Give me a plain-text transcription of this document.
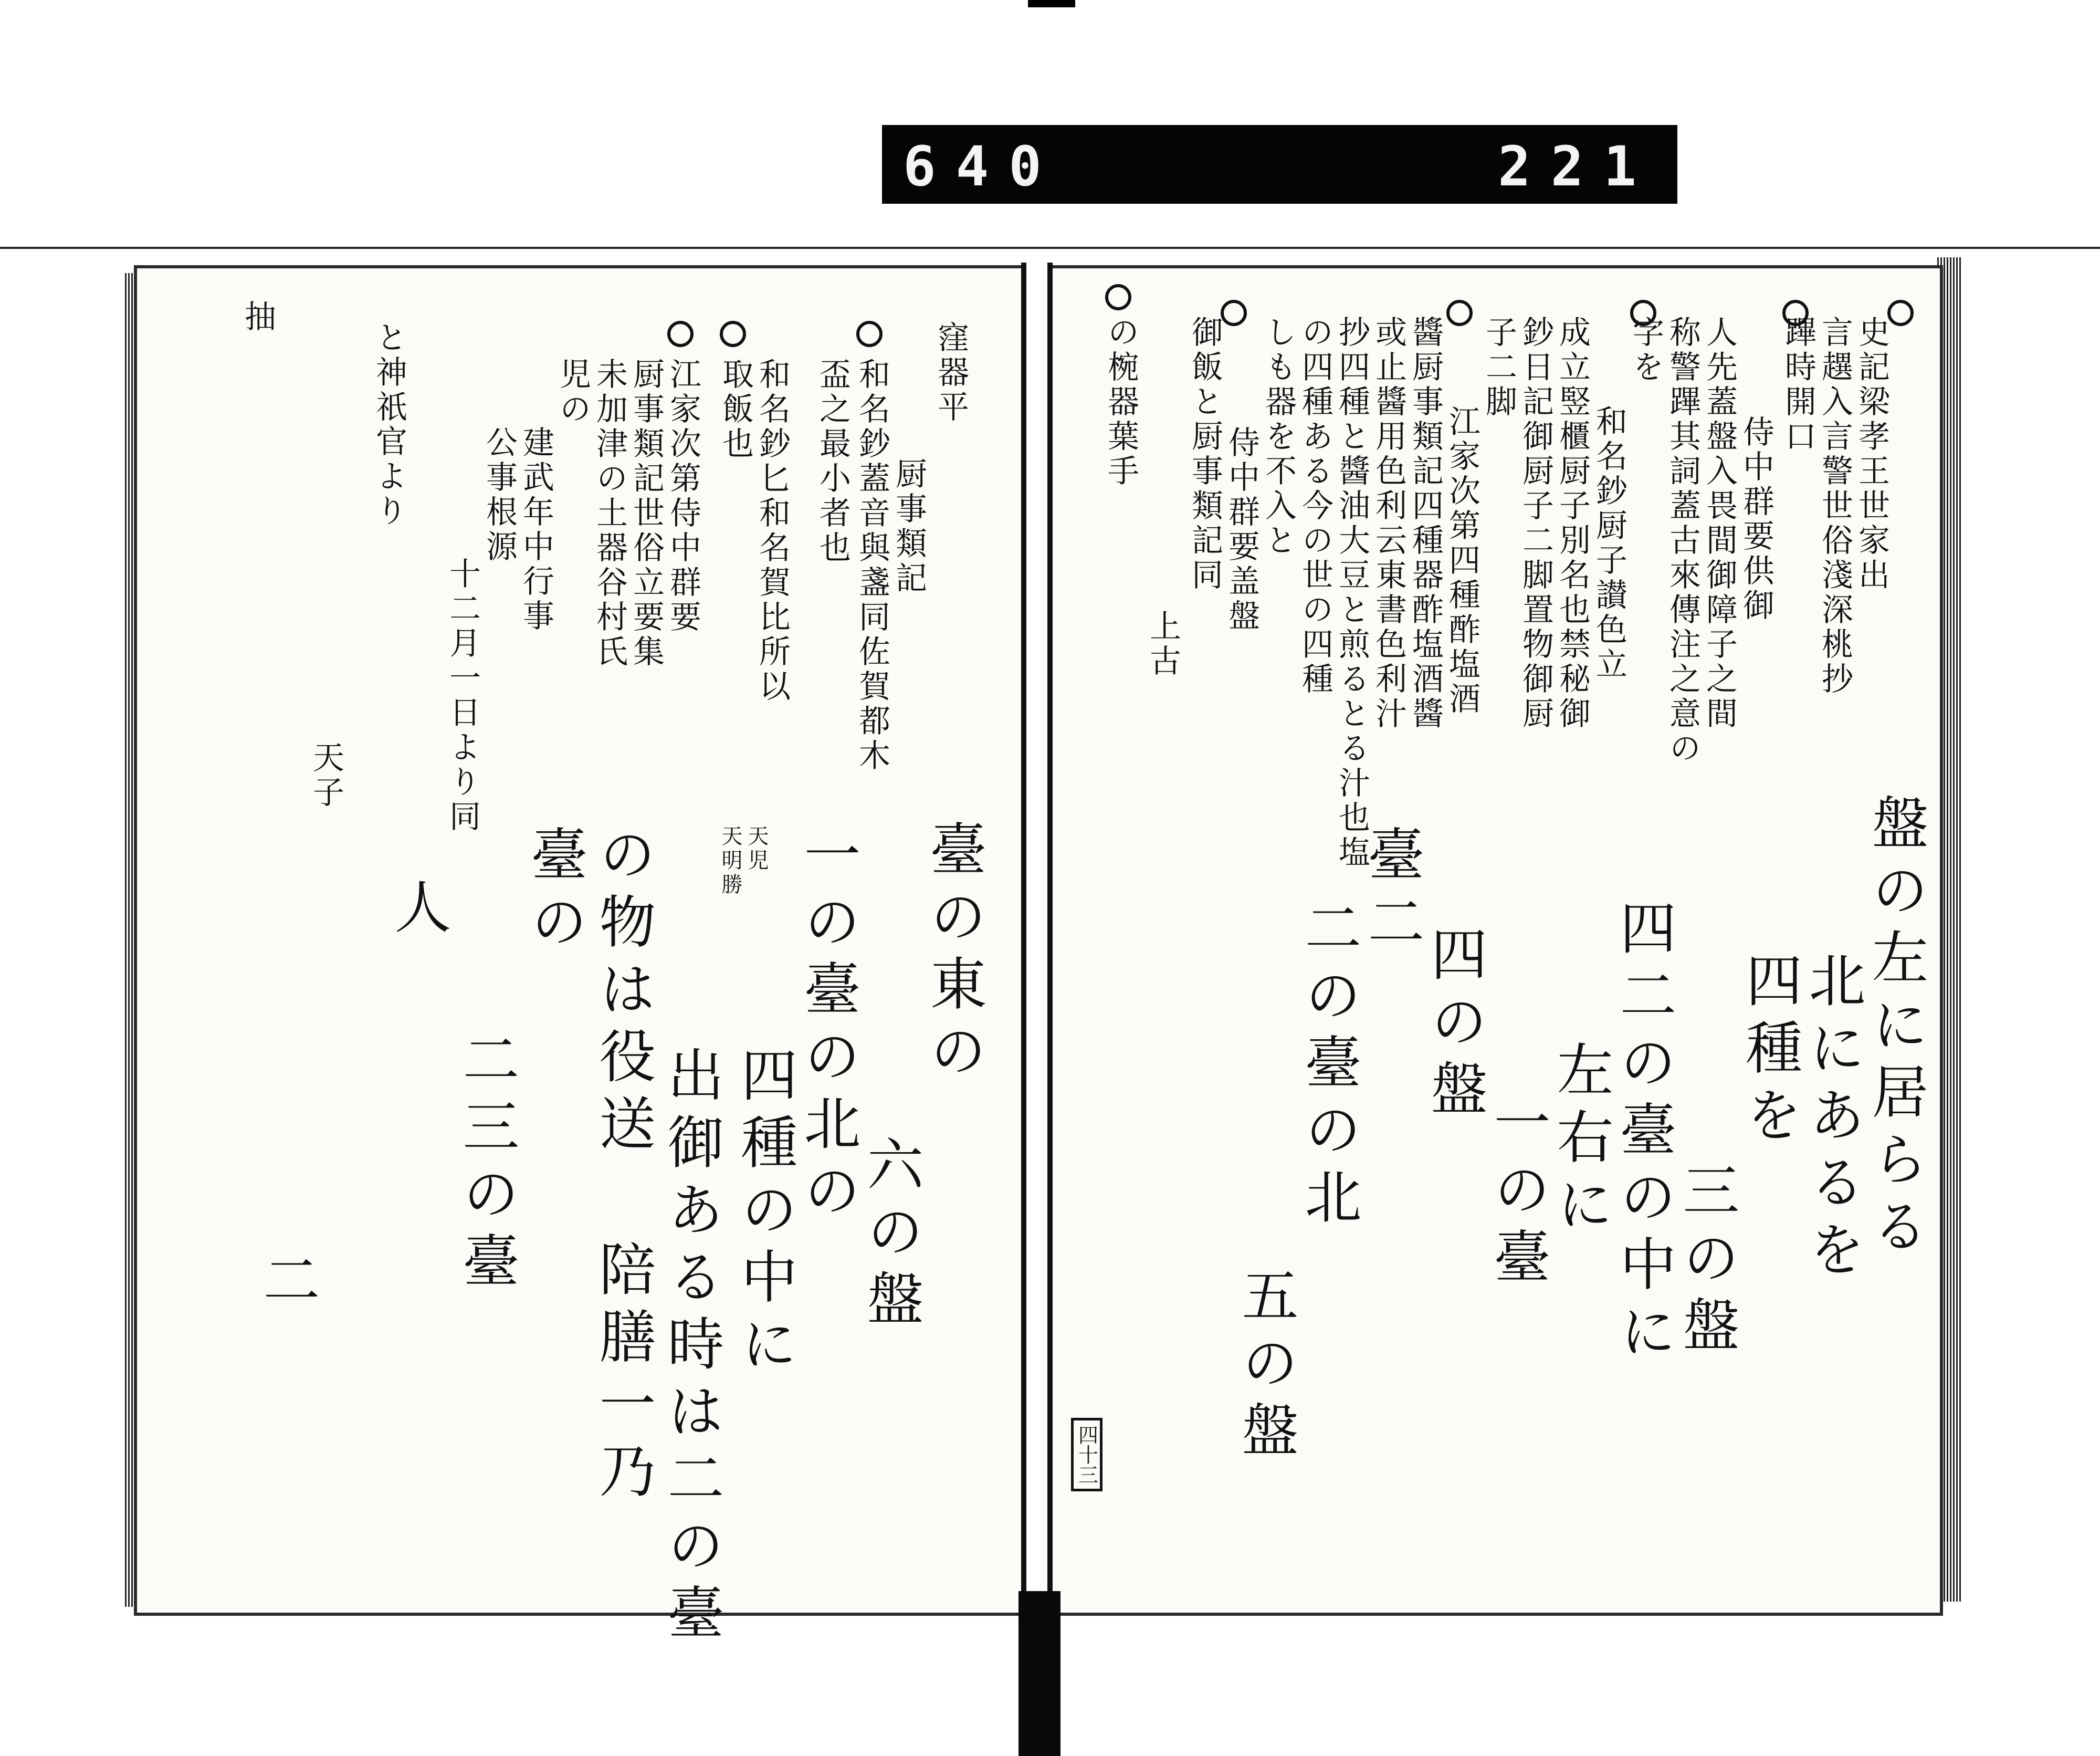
640	221
窪器平
厨事類記
和名鈔蓋音與盞同佐賀都木
盃之最小者也
和名鈔匕和名賀比所以
取飯也
江家次第侍中群要
厨事類記世俗立要集
未加津の土器谷村氏
児の
建武年中行事
公事根源
十二月一日より同
と神祇官より
天子
抽
天児
天明勝	臺の東の
六の盤
一の臺の北の
四種の中に
出御ある時は二の臺
の物は役送
陪膳一乃
臺の
二三の臺
人
二
史記梁孝王世家出
言趩入言警世俗淺深桃抄
蹕時開口
侍中群要供御
人先蓋盤入畏間御障子之間
称警蹕其詞蓋古來傳注之意の
字を
和名鈔厨子讃色立
成立竪櫃厨子別名也禁秘御
鈔日記御厨子二脚置物御厨
子二脚
江家次第四種酢塩酒
醬厨事類記四種器酢塩酒醬
或止醬用色利云東書色利汁
抄四種と醬油大豆と煎るとる汁也塩
の四種ある今の世の四種
しも器を不入と
侍中群要盖盤
御飯と厨事類記同
上古
の椀器葉手
盤の左に居らる
北にあるを
四種を
三の盤
四二の臺の中に
左右に
一の臺
四の盤
臺二
二の臺の北
五の盤
四十三
